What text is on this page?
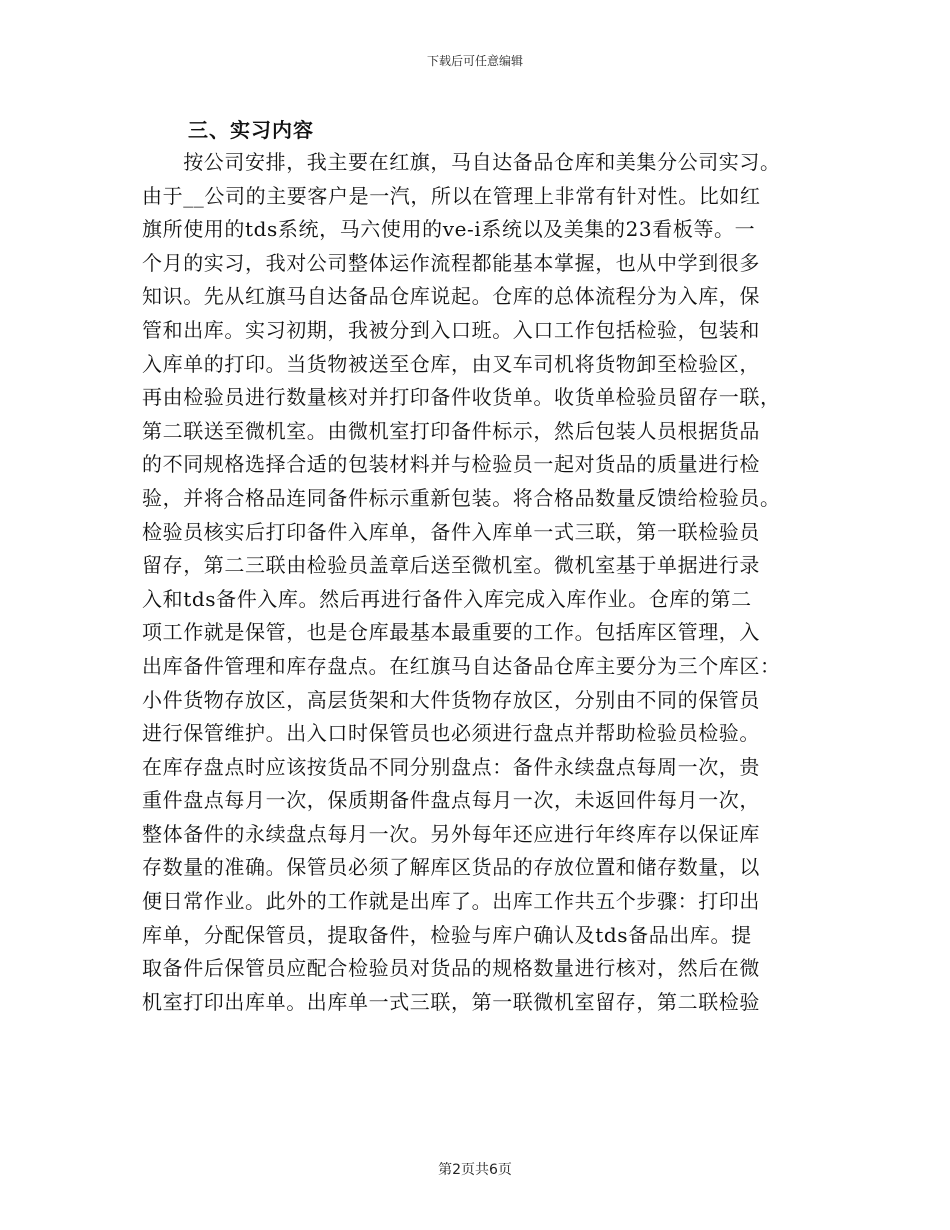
下载后可任意编辑
三、实习内容
　　按公司安排，我主要在红旗，马自达备品仓库和美集分公司实习。
由于__公司的主要客户是一汽，所以在管理上非常有针对性。比如红
旗所使用的tds系统，马六使用的ve-i系统以及美集的23看板等。一
个月的实习，我对公司整体运作流程都能基本掌握，也从中学到很多
知识。先从红旗马自达备品仓库说起。仓库的总体流程分为入库，保
管和出库。实习初期，我被分到入口班。入口工作包括检验，包装和
入库单的打印。当货物被送至仓库，由叉车司机将货物卸至检验区，
再由检验员进行数量核对并打印备件收货单。收货单检验员留存一联，
第二联送至微机室。由微机室打印备件标示，然后包装人员根据货品
的不同规格选择合适的包装材料并与检验员一起对货品的质量进行检
验，并将合格品连同备件标示重新包装。将合格品数量反馈给检验员。
检验员核实后打印备件入库单，备件入库单一式三联，第一联检验员
留存，第二三联由检验员盖章后送至微机室。微机室基于单据进行录
入和tds备件入库。然后再进行备件入库完成入库作业。仓库的第二
项工作就是保管，也是仓库最基本最重要的工作。包括库区管理，入
出库备件管理和库存盘点。在红旗马自达备品仓库主要分为三个库区：
小件货物存放区，高层货架和大件货物存放区，分别由不同的保管员
进行保管维护。出入口时保管员也必须进行盘点并帮助检验员检验。
在库存盘点时应该按货品不同分别盘点：备件永续盘点每周一次，贵
重件盘点每月一次，保质期备件盘点每月一次，未返回件每月一次，
整体备件的永续盘点每月一次。另外每年还应进行年终库存以保证库
存数量的准确。保管员必须了解库区货品的存放位置和储存数量，以
便日常作业。此外的工作就是出库了。出库工作共五个步骤：打印出
库单，分配保管员，提取备件，检验与库户确认及tds备品出库。提
取备件后保管员应配合检验员对货品的规格数量进行核对，然后在微
机室打印出库单。出库单一式三联，第一联微机室留存，第二联检验
第2页共6页
